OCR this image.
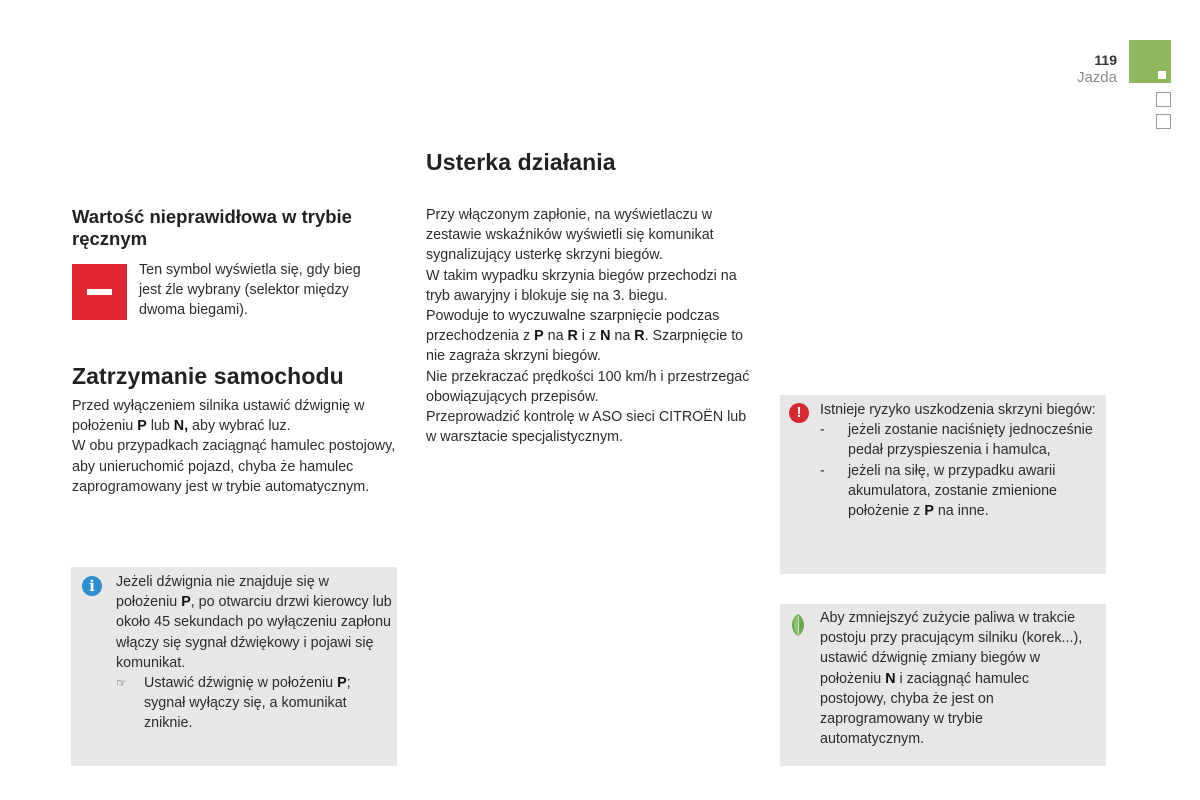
119
Jazda
Wartość nieprawidłowa w trybie ręcznym
Ten symbol wyświetla się, gdy bieg jest źle wybrany (selektor między dwoma biegami).
Zatrzymanie samochodu
Przed wyłączeniem silnika ustawić dźwignię w położeniu P lub N, aby wybrać luz.
W obu przypadkach zaciągnąć hamulec postojowy, aby unieruchomić pojazd, chyba że hamulec zaprogramowany jest w trybie automatycznym.
i	Jeżeli dźwignia nie znajduje się w położeniu P, po otwarciu drzwi kierowcy lub około 45 sekundach po wyłączeniu zapłonu włączy się sygnał dźwiękowy i pojawi się komunikat.
☞	Ustawić dźwignię w położeniu P; sygnał wyłączy się, a komunikat zniknie.
Usterka działania
Przy włączonym zapłonie, na wyświetlaczu w zestawie wskaźników wyświetli się komunikat sygnalizujący usterkę skrzyni biegów.
W takim wypadku skrzynia biegów przechodzi na tryb awaryjny i blokuje się na 3. biegu.
Powoduje to wyczuwalne szarpnięcie podczas przechodzenia z P na R i z N na R. Szarpnięcie to nie zagraża skrzyni biegów.
Nie przekraczać prędkości 100 km/h i przestrzegać obowiązujących przepisów.
Przeprowadzić kontrolę w ASO sieci CITROËN lub w warsztacie specjalistycznym.
!	Istnieje ryzyko uszkodzenia skrzyni biegów:
-	jeżeli zostanie naciśnięty jednocześnie pedał przyspieszenia i hamulca,
-	jeżeli na siłę, w przypadku awarii akumulatora, zostanie zmienione położenie z P na inne.
Aby zmniejszyć zużycie paliwa w trakcie postoju przy pracującym silniku (korek...), ustawić dźwignię zmiany biegów w położeniu N i zaciągnąć hamulec postojowy, chyba że jest on zaprogramowany w trybie automatycznym.
